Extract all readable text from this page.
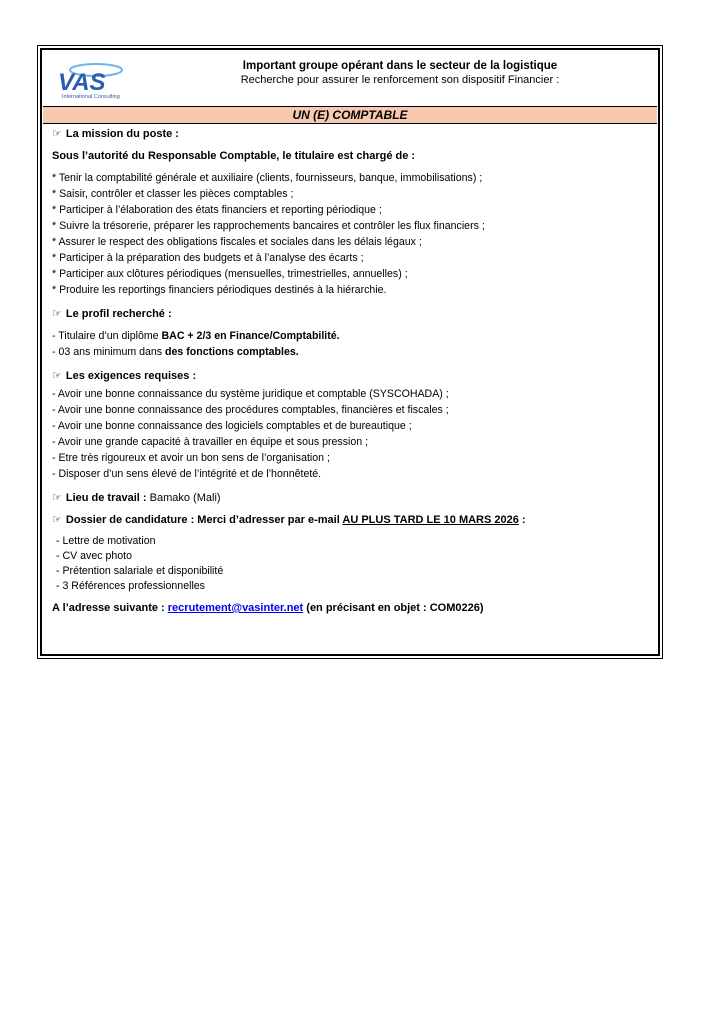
VAS
International Consulting
Important groupe opérant dans le secteur de la logistique
Recherche pour assurer le renforcement son dispositif Financier :
UN (E) COMPTABLE
☞ La mission du poste :
Sous l’autorité du Responsable Comptable, le titulaire est chargé de :
* Tenir la comptabilité générale et auxiliaire (clients, fournisseurs, banque, immobilisations) ;
* Saisir, contrôler et classer les pièces comptables ;
* Participer à l’élaboration des états financiers et reporting périodique ;
* Suivre la trésorerie, préparer les rapprochements bancaires et contrôler les flux financiers ;
* Assurer le respect des obligations fiscales et sociales dans les délais légaux ;
* Participer à la préparation des budgets et à l’analyse des écarts ;
* Participer aux clôtures périodiques (mensuelles, trimestrielles, annuelles) ;
* Produire les reportings financiers périodiques destinés à la hiérarchie.
☞ Le profil recherché :
- Titulaire d’un diplôme BAC + 2/3 en Finance/Comptabilité.
- 03 ans minimum dans des fonctions comptables.
☞ Les exigences requises :
- Avoir une bonne connaissance du système juridique et comptable (SYSCOHADA) ;
- Avoir une bonne connaissance des procédures comptables, financières et fiscales ;
- Avoir une bonne connaissance des logiciels comptables et de bureautique ;
- Avoir une grande capacité à travailler en équipe et sous pression ;
- Etre très rigoureux et avoir un bon sens de l’organisation ;
- Disposer d’un sens élevé de l’intégrité et de l’honnêteté.
☞ Lieu de travail : Bamako (Mali)
☞ Dossier de candidature : Merci d’adresser par e-mail AU PLUS TARD LE 10 MARS 2026 :
- Lettre de motivation
- CV avec photo
- Prétention salariale et disponibilité
- 3 Références professionnelles
A l’adresse suivante : recrutement@vasinter.net (en précisant en objet : COM0226)
